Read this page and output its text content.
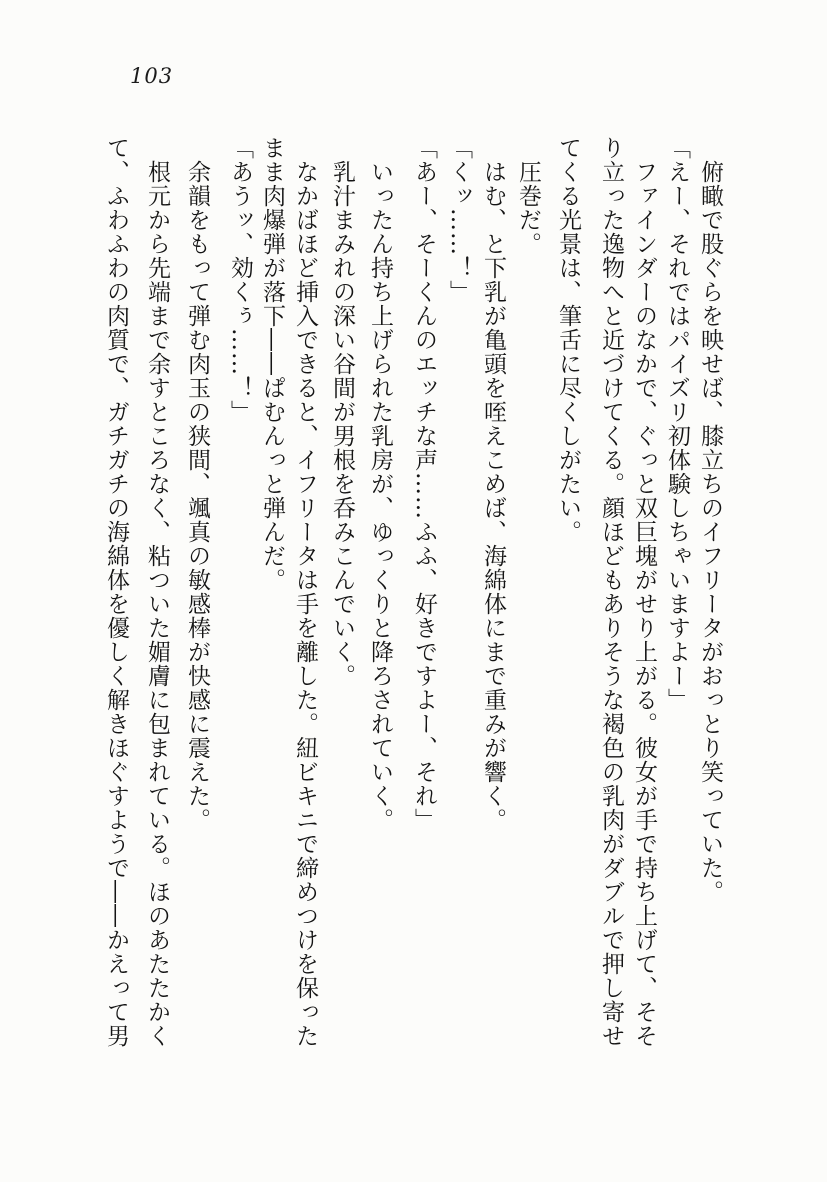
103
俯瞰で股ぐらを映せば、膝立ちのイフリータがおっとり笑っていた。
「えー、それではパイズリ初体験しちゃいますよー」
ファインダーのなかで、ぐっと双巨塊がせり上がる。彼女が手で持ち上げて、そそ
り立った逸物へと近づけてくる。顔ほどもありそうな褐色の乳肉がダブルで押し寄せ
てくる光景は、筆舌に尽くしがたい。
圧巻だ。
はむ、と下乳が亀頭を咥えこめば、海綿体にまで重みが響く。
「くッ……！」
「あー、そーくんのエッチな声……ふふ、好きですよー、それ」
いったん持ち上げられた乳房が、ゆっくりと降ろされていく。
乳汁まみれの深い谷間が男根を呑みこんでいく。
なかばほど挿入できると、イフリータは手を離した。紐ビキニで締めつけを保った
まま肉爆弾が落下――ぱむんっと弾んだ。
「あうッ、効くぅ……！」
余韻をもって弾む肉玉の狭間、颯真の敏感棒が快感に震えた。
根元から先端まで余すところなく、粘ついた媚膚に包まれている。ほのあたたかく
て、ふわふわの肉質で、ガチガチの海綿体を優しく解きほぐすようで――かえって男
